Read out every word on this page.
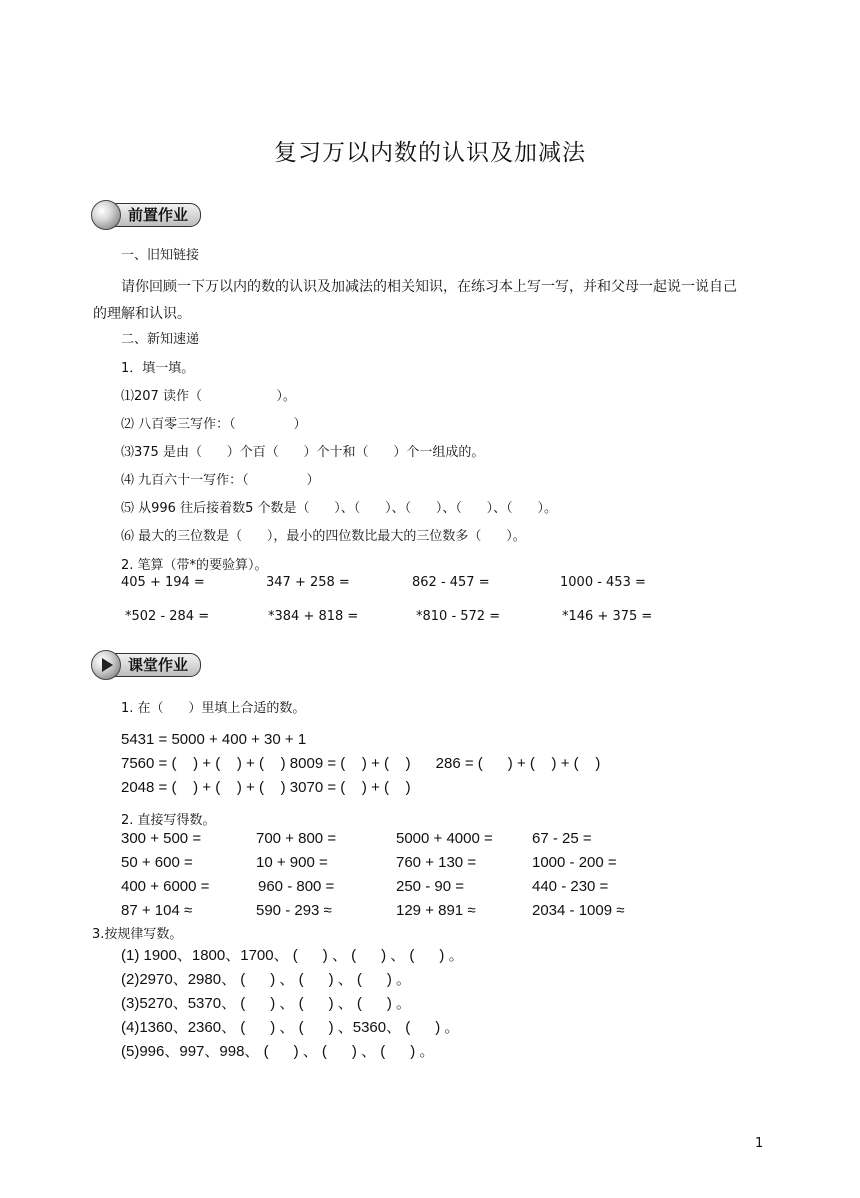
复习万以内数的认识及加减法
前置作业
一、旧知链接
请你回顾一下万以内的数的认识及加减法的相关知识，在练习本上写一写，并和父母一起说一说自己
的理解和认识。
二、新知速递
1．填一填。
⑴207 读作（                  ）。
⑵ 八百零三写作：（              ）
⑶375 是由（      ）个百（      ）个十和（      ）个一组成的。
⑷ 九百六十一写作：（              ）
⑸ 从996 往后接着数5 个数是（      ）、（      ）、（      ）、（      ）、（      ）。
⑹ 最大的三位数是（      ），最小的四位数比最大的三位数多（      ）。
2. 笔算（带*的要验算）。
405 + 194 =	347 + 258 =	862 - 457 =	1000 - 453 =
*502 - 284 =	*384 + 818 =	*810 - 572 =	*146 + 375 =
课堂作业
1. 在（      ）里填上合适的数。
5431 = 5000 + 400 + 30 + 1
7560 = (    ) + (    ) + (    ) 8009 = (    ) + (    )      286 = (      ) + (    ) + (    )
2048 = (    ) + (    ) + (    ) 3070 = (    ) + (    )
2. 直接写得数。
300 + 500 =	700 + 800 =	5000 + 4000 =	67 - 25 =
50 + 600 =	10 + 900 =	760 + 130 =	1000 - 200 =
400 + 6000 =	960 - 800 =	250 - 90 =	440 - 230 =
87 + 104 ≈	590 - 293 ≈	129 + 891 ≈	2034 - 1009 ≈
3.按规律写数。
(1) 1900、1800、1700、 (      ) 、 (      ) 、 (      ) 。
(2)2970、2980、 (      ) 、 (      ) 、 (      ) 。
(3)5270、5370、 (      ) 、 (      ) 、 (      ) 。
(4)1360、2360、 (      ) 、 (      ) 、5360、 (      ) 。
(5)996、997、998、 (      ) 、 (      ) 、 (      ) 。
1
